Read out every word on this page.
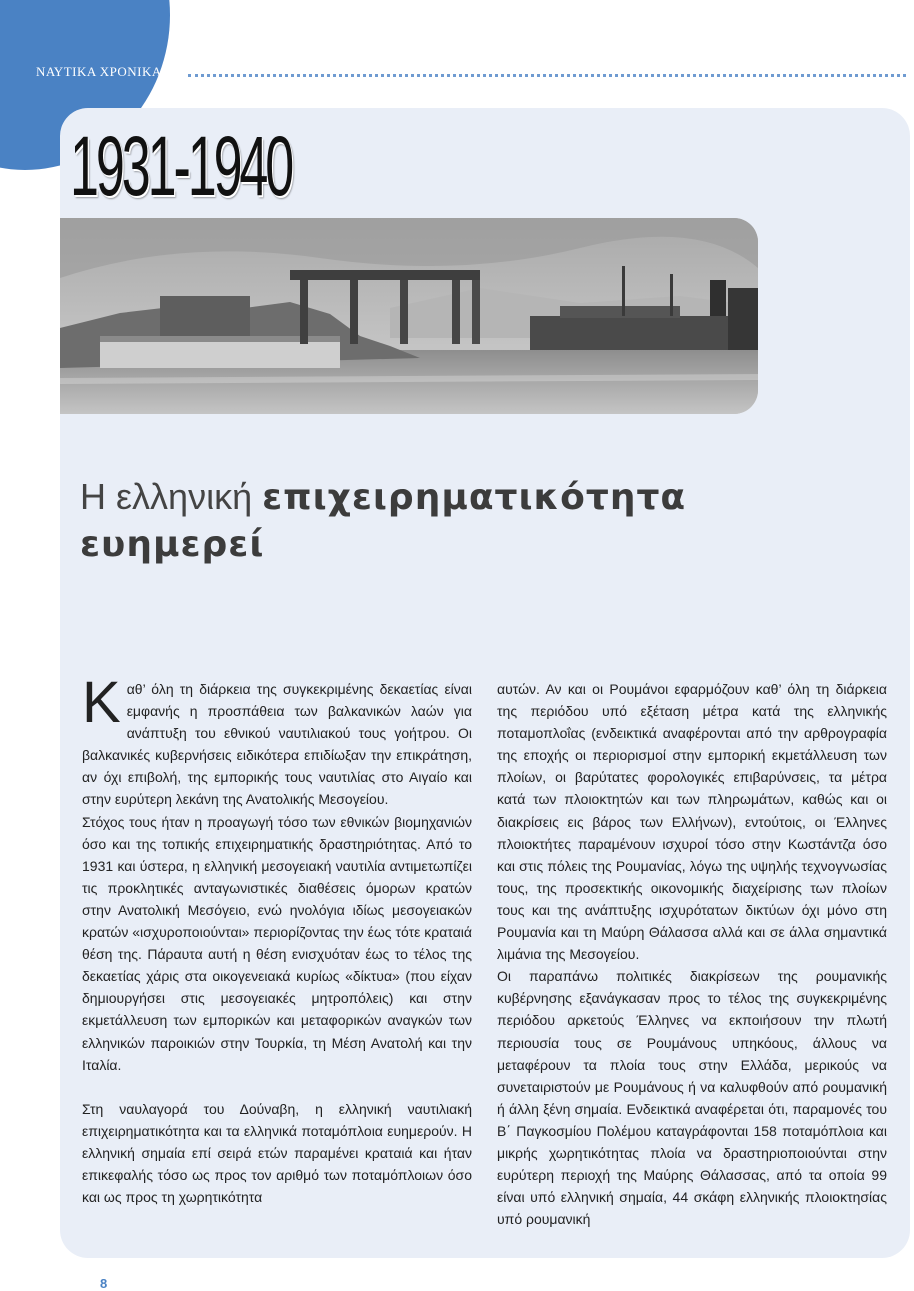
ΝΑΥΤΙΚΑ ΧΡΟΝΙΚΑ
1931-1940
Η ελληνική επιχειρηματικότητα
ευημερεί

Καθ’ όλη τη διάρκεια της συγκεκριμένης δεκαετίας είναι εμφανής η προσπάθεια των βαλκανικών λαών για ανάπτυξη του εθνικού ναυτιλιακού τους γοήτρου. Οι βαλκανικές κυβερνήσεις ειδικότερα επιδίωξαν την επικράτηση, αν όχι επιβολή, της εμπορικής τους ναυτιλίας στο Αιγαίο και στην ευρύτερη λεκάνη της Ανατολικής Μεσογείου.

Στόχος τους ήταν η προαγωγή τόσο των εθνικών βιομηχανιών όσο και της τοπικής επιχειρηματικής δραστηριότητας. Από το 1931 και ύστερα, η ελληνική μεσογειακή ναυτιλία αντιμετωπίζει τις προκλητικές ανταγωνιστικές διαθέσεις όμορων κρατών στην Ανατολική Μεσόγειο, ενώ ηνολόγια ιδίως μεσογειακών κρατών «ισχυροποιούνται» περιορίζοντας την έως τότε κραταιά θέση της. Πάραυτα αυτή η θέση ενισχυόταν έως το τέλος της δεκαετίας χάρις στα οικογενειακά κυρίως «δίκτυα» (που είχαν δημιουργήσει στις μεσογειακές μητροπόλεις) και στην εκμετάλλευση των εμπορικών και μεταφορικών αναγκών των ελληνικών παροικιών στην Τουρκία, τη Μέση Ανατολή και την Ιταλία.

Στη ναυλαγορά του Δούναβη, η ελληνική ναυτιλιακή επιχειρηματικότητα και τα ελληνικά ποταμόπλοια ευημερούν. Η ελληνική σημαία επί σειρά ετών παραμένει κραταιά και ήταν επικεφαλής τόσο ως προς τον αριθμό των ποταμόπλοιων όσο και ως προς τη χωρητικότητα

αυτών. Αν και οι Ρουμάνοι εφαρμόζουν καθ’ όλη τη διάρκεια της περιόδου υπό εξέταση μέτρα κατά της ελληνικής ποταμοπλοΐας (ενδεικτικά αναφέρονται από την αρθρογραφία της εποχής οι περιορισμοί στην εμπορική εκμετάλλευση των πλοίων, οι βαρύτατες φορολογικές επιβαρύνσεις, τα μέτρα κατά των πλοιοκτητών και των πληρωμάτων, καθώς και οι διακρίσεις εις βάρος των Ελλήνων), εντούτοις, οι Έλληνες πλοιοκτήτες παραμένουν ισχυροί τόσο στην Κωστάντζα όσο και στις πόλεις της Ρουμανίας, λόγω της υψηλής τεχνογνωσίας τους, της προσεκτικής οικονομικής διαχείρισης των πλοίων τους και της ανάπτυξης ισχυρότατων δικτύων όχι μόνο στη Ρουμανία και τη Μαύρη Θάλασσα αλλά και σε άλλα σημαντικά λιμάνια της Μεσογείου.

Οι παραπάνω πολιτικές διακρίσεων της ρουμανικής κυβέρνησης εξανάγκασαν προς το τέλος της συγκεκριμένης περιόδου αρκετούς Έλληνες να εκποιήσουν την πλωτή περιουσία τους σε Ρουμάνους υπηκόους, άλλους να μεταφέρουν τα πλοία τους στην Ελλάδα, μερικούς να συνεταιριστούν με Ρουμάνους ή να καλυφθούν από ρουμανική ή άλλη ξένη σημαία. Ενδεικτικά αναφέρεται ότι, παραμονές του Β΄ Παγκοσμίου Πολέμου καταγράφονται 158 ποταμόπλοια και μικρής χωρητικότητας πλοία να δραστηριοποιούνται στην ευρύτερη περιοχή της Μαύρης Θάλασσας, από τα οποία 99 είναι υπό ελληνική σημαία, 44 σκάφη ελληνικής πλοιοκτησίας υπό ρουμανική

8
